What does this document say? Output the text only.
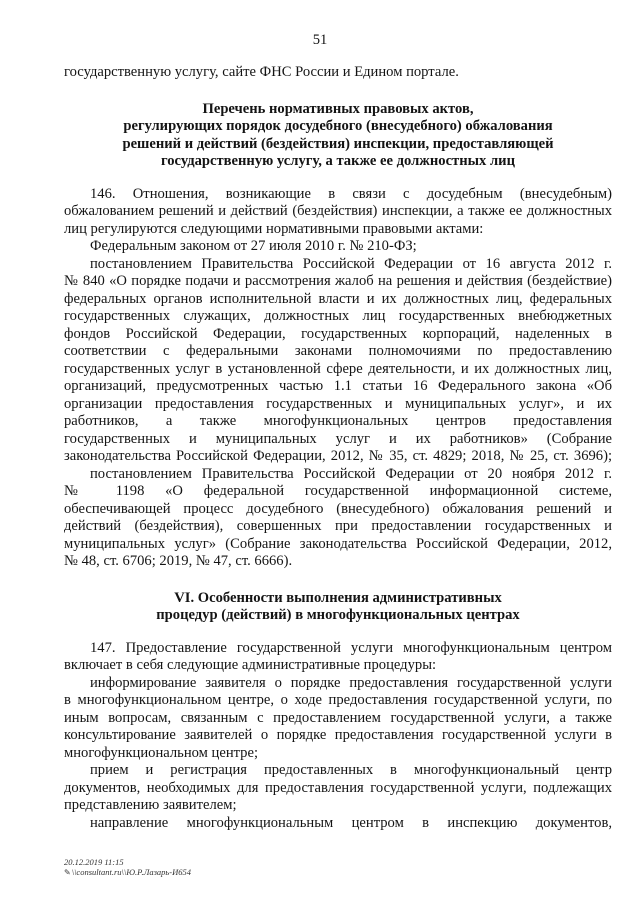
51
государственную услугу, сайте ФНС России и Едином портале.
Перечень нормативных правовых актов,
регулирующих порядок досудебного (внесудебного) обжалования
решений и действий (бездействия) инспекции, предоставляющей
государственную услугу, а также ее должностных лиц
146. Отношения, возникающие в связи с досудебным (внесудебным)
обжалованием решений и действий (бездействия) инспекции, а также ее должностных
лиц регулируются следующими нормативными правовыми актами:
Федеральным законом от 27 июля 2010 г. № 210-ФЗ;
постановлением Правительства Российской Федерации от 16 августа 2012 г.
№ 840 «О порядке подачи и рассмотрения жалоб на решения и действия (бездействие)
федеральных органов исполнительной власти и их должностных лиц, федеральных
государственных служащих, должностных лиц государственных внебюджетных
фондов Российской Федерации, государственных корпораций, наделенных в
соответствии с федеральными законами полномочиями по предоставлению
государственных услуг в установленной сфере деятельности, и их должностных лиц,
организаций, предусмотренных частью 1.1 статьи 16 Федерального закона «Об
организации предоставления государственных и муниципальных услуг», и их
работников, а также многофункциональных центров предоставления
государственных и муниципальных услуг и их работников» (Собрание
законодательства Российской Федерации, 2012, № 35, ст. 4829; 2018, № 25, ст. 3696);
постановлением Правительства Российской Федерации от 20 ноября 2012 г.
№ 1198 «О федеральной государственной информационной системе,
обеспечивающей процесс досудебного (внесудебного) обжалования решений и
действий (бездействия), совершенных при предоставлении государственных и
муниципальных услуг» (Собрание законодательства Российской Федерации, 2012,
№ 48, ст. 6706; 2019, № 47, ст. 6666).
VI. Особенности выполнения административных
процедур (действий) в многофункциональных центрах
147. Предоставление государственной услуги многофункциональным центром
включает в себя следующие административные процедуры:
информирование заявителя о порядке предоставления государственной услуги
в многофункциональном центре, о ходе предоставления государственной услуги, по
иным вопросам, связанным с предоставлением государственной услуги, а также
консультирование заявителей о порядке предоставления государственной услуги в
многофункциональном центре;
прием и регистрация предоставленных в многофункциональный центр
документов, необходимых для предоставления государственной услуги, подлежащих
представлению заявителем;
направление многофункциональным центром в инспекцию документов,
20.12.2019 11:15
✎\\consultant.ru\\Ю.Р.Лазарь-И654
